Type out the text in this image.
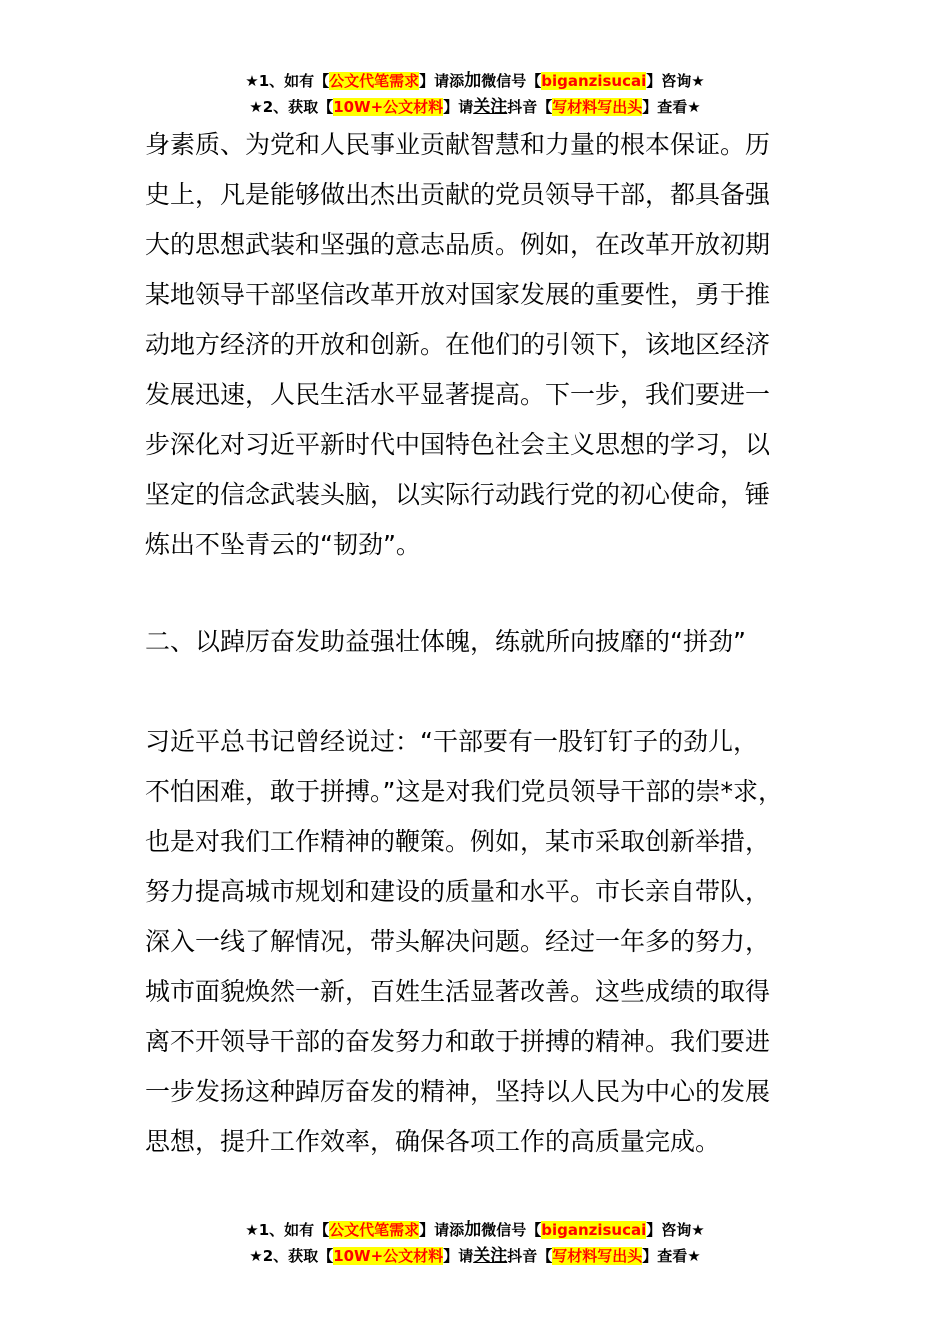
★1、如有【公文代笔需求】请添加微信号【biganzisucai】咨询★
★2、获取【10W+公文材料】请关注抖音【写材料写出头】查看★
身素质、为党和人民事业贡献智慧和力量的根本保证。历
史上，凡是能够做出杰出贡献的党员领导干部，都具备强
大的思想武装和坚强的意志品质。例如，在改革开放初期
某地领导干部坚信改革开放对国家发展的重要性，勇于推
动地方经济的开放和创新。在他们的引领下，该地区经济
发展迅速，人民生活水平显著提高。下一步，我们要进一
步深化对习近平新时代中国特色社会主义思想的学习，以
坚定的信念武装头脑，以实际行动践行党的初心使命，锤
炼出不坠青云的“韧劲”。
二、以踔厉奋发助益强壮体魄，练就所向披靡的“拼劲”
习近平总书记曾经说过：“干部要有一股钉钉子的劲儿，
不怕困难，敢于拼搏。”这是对我们党员领导干部的崇*求，
也是对我们工作精神的鞭策。例如，某市采取创新举措，
努力提高城市规划和建设的质量和水平。市长亲自带队，
深入一线了解情况，带头解决问题。经过一年多的努力，
城市面貌焕然一新，百姓生活显著改善。这些成绩的取得
离不开领导干部的奋发努力和敢于拼搏的精神。我们要进
一步发扬这种踔厉奋发的精神，坚持以人民为中心的发展
思想，提升工作效率，确保各项工作的高质量完成。
★1、如有【公文代笔需求】请添加微信号【biganzisucai】咨询★
★2、获取【10W+公文材料】请关注抖音【写材料写出头】查看★
